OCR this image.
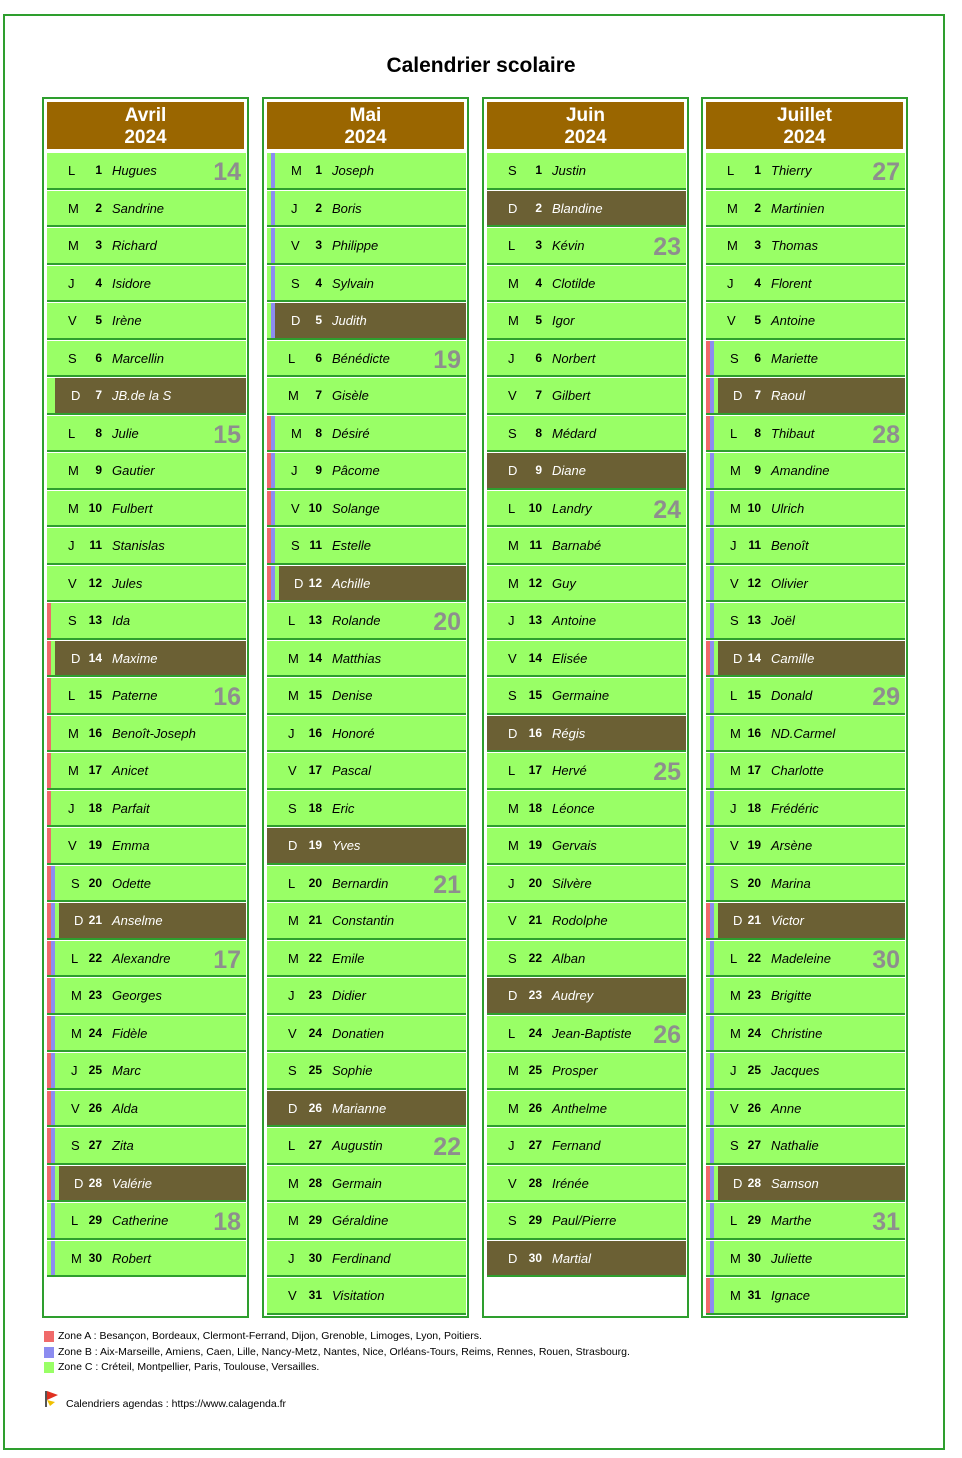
Calendrier scolaire
Avril
2024
L	1 Hugues 14
M	2 Sandrine
M	3 Richard
J	4 Isidore
V	5 Irène
S	6 Marcellin
D	7 JB.de la S
L	8 Julie	15
M	9 Gautier
M 10 Fulbert
J 11 Stanislas
V 12 Jules
S 13 Ida
D 14 Maxime
L 15 Paterne 16
M 16 Benoît-Joseph
M 17 Anicet
J 18 Parfait
V 19 Emma
S 20 Odette
D 21 Anselme
L 22 Alexandre 17
M 23 Georges
M 24 Fidèle
J 25 Marc
V 26 Alda
S 27 Zita
D 28 Valérie
L 29 Catherine 18
M 30 Robert
Mai
2024
M	1 Joseph
J	2 Boris
V	3 Philippe
S	4 Sylvain
D	5 Judith
L	6 Bénédicte 19
M	7 Gisèle
M	8 Désiré
J	9 Pâcome
V 10 Solange
S 11 Estelle
D 12 Achille
L 13 Rolande 20
M 14 Matthias
M 15 Denise
J 16 Honoré
V 17 Pascal
S 18 Eric
D 19 Yves
L 20 Bernardin 21
M 21 Constantin
M 22 Emile
J 23 Didier
V 24 Donatien
S 25 Sophie
D 26 Marianne
L 27 Augustin 22
M 28 Germain
M 29 Géraldine
J 30 Ferdinand
V 31 Visitation
Juin
2024
S	1 Justin
D	2 Blandine
L	3 Kévin	23
M	4 Clotilde
M	5 Igor
J	6 Norbert
V	7 Gilbert
S	8 Médard
D	9 Diane
L 10 Landry 24
M 11 Barnabé
M 12 Guy
J 13 Antoine
V 14 Elisée
S 15 Germaine
D 16 Régis
L 17 Hervé	25
M 18 Léonce
M 19 Gervais
J 20 Silvère
V 21 Rodolphe
S 22 Alban
D 23 Audrey
L 24 Jean-Baptiste 26
M 25 Prosper
M 26 Anthelme
J 27 Fernand
V 28 Irénée
S 29 Paul/Pierre
D 30 Martial
Juillet
2024
L	1 Thierry 27
M	2 Martinien
M	3 Thomas
J	4 Florent
V	5 Antoine
S	6 Mariette
D 7 Raoul
L	8 Thibaut 28
M	9 Amandine
M 10 Ulrich
J 11 Benoît
V 12 Olivier
S 13 Joël
D 14 Camille
L 15 Donald 29
M 16 ND.Carmel
M 17 Charlotte
J 18 Frédéric
V 19 Arsène
S 20 Marina
D 21 Victor
L 22 Madeleine 30
M 23 Brigitte
M 24 Christine
J 25 Jacques
V 26 Anne
S 27 Nathalie
D 28 Samson
L 29 Marthe 31
M 30 Juliette
M 31 Ignace
Zone A : Besançon, Bordeaux, Clermont-Ferrand, Dijon, Grenoble, Limoges, Lyon, Poitiers.
Zone B : Aix-Marseille, Amiens, Caen, Lille, Nancy-Metz, Nantes, Nice, Orléans-Tours, Reims, Rennes, Rouen, Strasbourg.
Zone C : Créteil, Montpellier, Paris, Toulouse, Versailles.
Calendriers agendas : https://www.calagenda.fr
